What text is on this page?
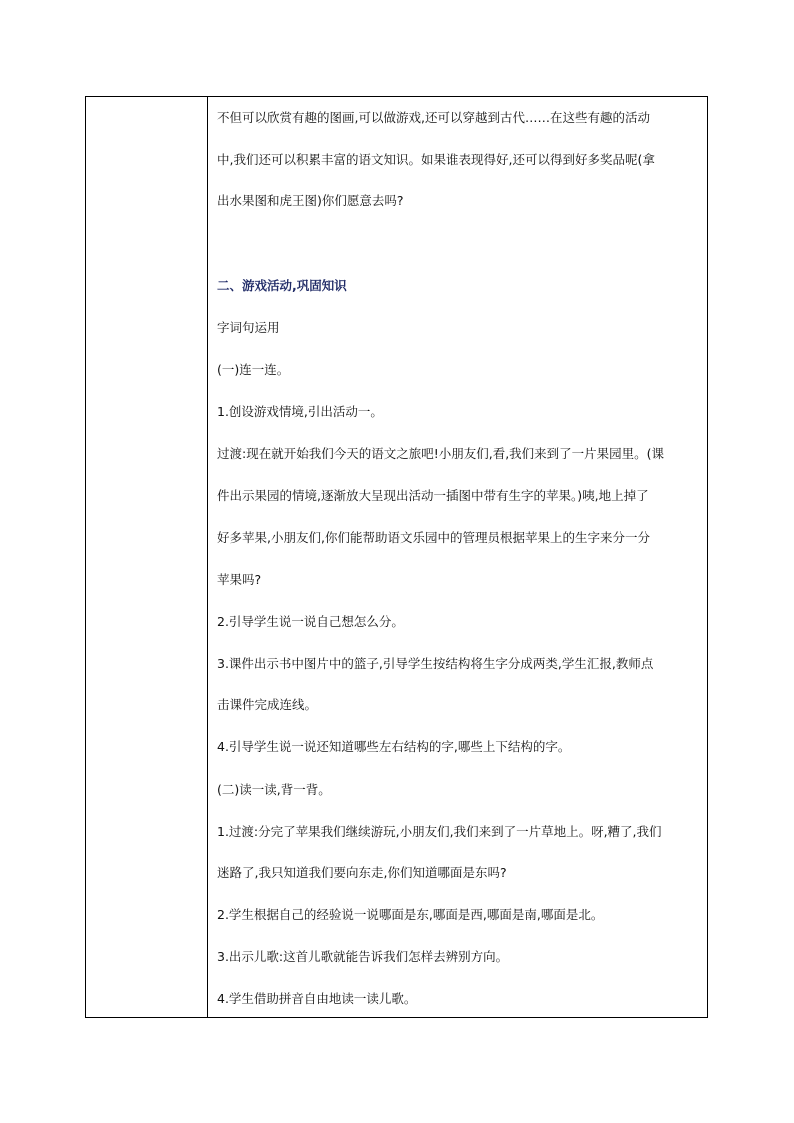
不但可以欣赏有趣的图画,可以做游戏,还可以穿越到古代……在这些有趣的活动
中,我们还可以积累丰富的语文知识。如果谁表现得好,还可以得到好多奖品呢(拿
出水果图和虎王图)你们愿意去吗?
二、游戏活动,巩固知识
字词句运用
(一)连一连。
1.创设游戏情境,引出活动一。
过渡:现在就开始我们今天的语文之旅吧!小朋友们,看,我们来到了一片果园里。(课
件出示果园的情境,逐渐放大呈现出活动一插图中带有生字的苹果。)咦,地上掉了
好多苹果,小朋友们,你们能帮助语文乐园中的管理员根据苹果上的生字来分一分
苹果吗?
2.引导学生说一说自己想怎么分。
3.课件出示书中图片中的篮子,引导学生按结构将生字分成两类,学生汇报,教师点
击课件完成连线。
4.引导学生说一说还知道哪些左右结构的字,哪些上下结构的字。
(二)读一读,背一背。
1.过渡:分完了苹果我们继续游玩,小朋友们,我们来到了一片草地上。呀,糟了,我们
迷路了,我只知道我们要向东走,你们知道哪面是东吗?
2.学生根据自己的经验说一说哪面是东,哪面是西,哪面是南,哪面是北。
3.出示儿歌:这首儿歌就能告诉我们怎样去辨别方向。
4.学生借助拼音自由地读一读儿歌。
